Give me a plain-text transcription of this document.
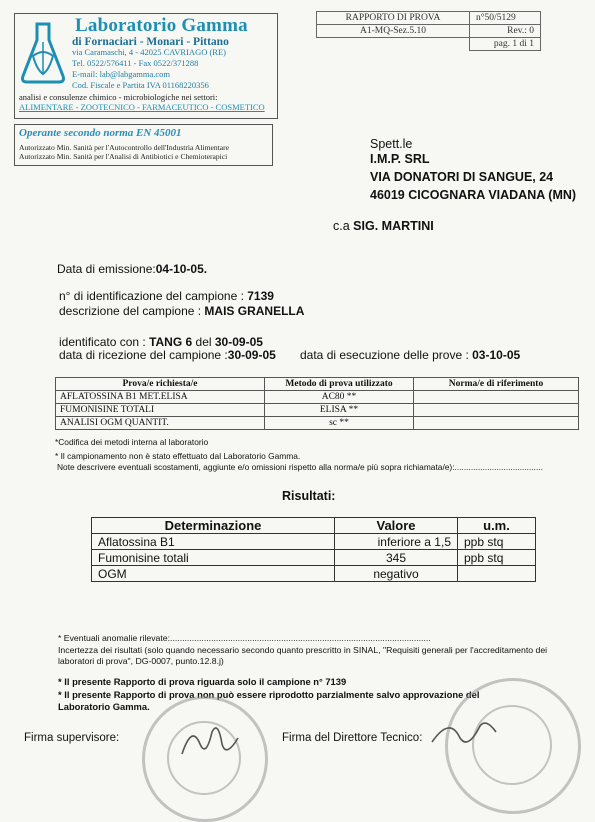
Laboratorio Gamma
di Fornaciari - Monari - Pittano
via Caramaschi, 4 - 42025 CAVRIAGO (RE)
Tel. 0522/576411 - Fax 0522/371288
E-mail: lab@labgamma.com
Cod. Fiscale e Partita IVA 01168220356
analisi e consulenze chimico - microbiologiche nei settori:
ALIMENTARE - ZOOTECNICO - FARMACEUTICO - COSMETICO
Operante secondo norma EN 45001
Autorizzato Min. Sanità per l'Autocontrollo dell'Industria Alimentare
Autorizzato Min. Sanità per l'Analisi di Antibiotici e Chemioterapici
RAPPORTO DI PROVA	n°50/5129
A1-MQ-Sez.5.10	Rev.: 0
	pag. 1 di 1
Spett.le
I.M.P. SRL
VIA DONATORI DI SANGUE, 24
46019 CICOGNARA VIADANA (MN)
c.a SIG. MARTINI
Data di emissione:04-10-05.
n° di identificazione del campione : 7139
descrizione del campione : MAIS GRANELLA
identificato con : TANG 6 del 30-09-05
data di ricezione del campione :30-09-05 data di esecuzione delle prove : 03-10-05
Prova/e richiesta/e	Metodo di prova utilizzato	Norma/e di riferimento
AFLATOSSINA B1 MET.ELISA	AC80 **	
FUMONISINE TOTALI	ELISA **	
ANALISI OGM QUANTIT.	sc **	
*Codifica dei metodi interna al laboratorio
* Il campionamento non è stato effettuato dal Laboratorio Gamma.
Note descrivere eventuali scostamenti, aggiunte e/o omissioni rispetto alla norma/e più sopra richiamata/e):......................................
Risultati:
Determinazione	Valore	u.m.
Aflatossina B1	inferiore a 1,5	ppb stq
Fumonisine totali	345	ppb stq
OGM	negativo	
* Eventuali anomalie rilevate:............................................................................................................
Incertezza dei risultati (solo quando necessario secondo quanto prescritto in SINAL, "Requisiti generali per l'accreditamento dei
laboratori di prova", DG-0007, punto.12.8.j)
* Il presente Rapporto di prova riguarda solo il campione n° 7139
* Il presente Rapporto di prova non può essere riprodotto parzialmente salvo approvazione del
Laboratorio Gamma.
Firma supervisore:	Firma del Direttore Tecnico:
